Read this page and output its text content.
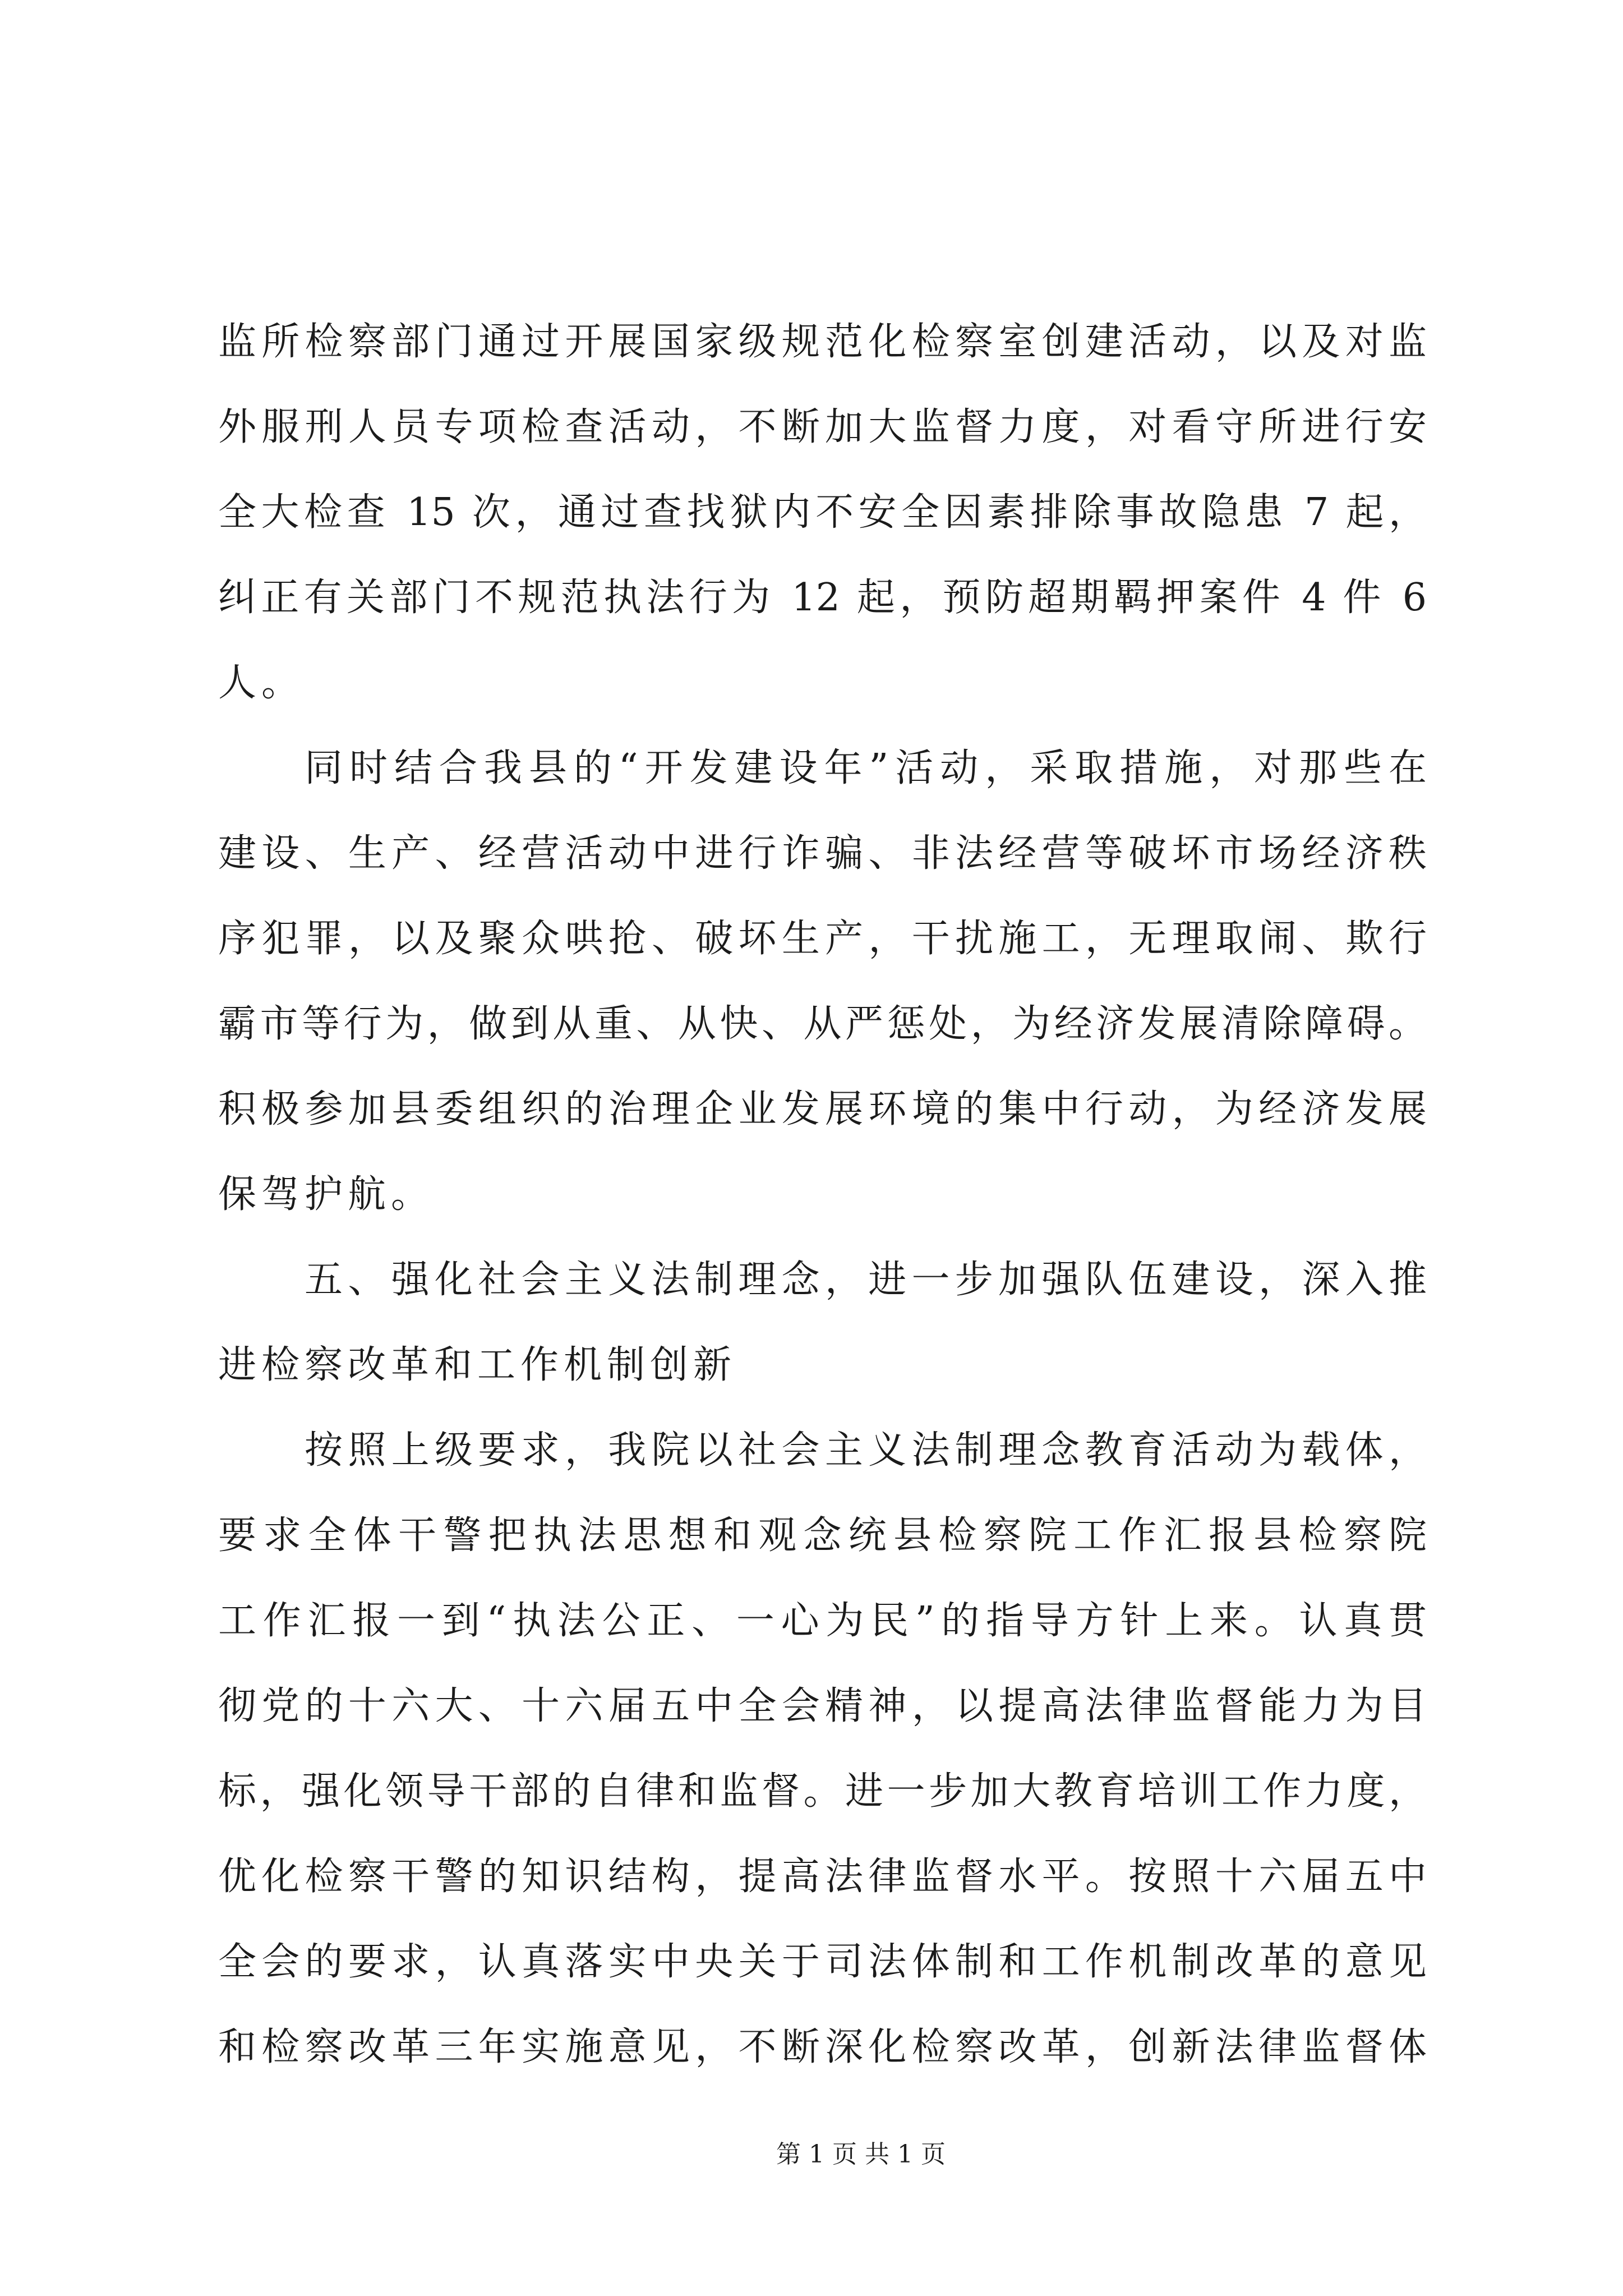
监所检察部门通过开展国家级规范化检察室创建活动，以及对监
外服刑人员专项检查活动，不断加大监督力度，对看守所进行安
全大检查 15 次，通过查找狱内不安全因素排除事故隐患 7 起，
纠正有关部门不规范执法行为 12 起，预防超期羁押案件 4 件 6
人。
同时结合我县的“开发建设年”活动，采取措施，对那些在
建设、生产、经营活动中进行诈骗、非法经营等破坏市场经济秩
序犯罪，以及聚众哄抢、破坏生产，干扰施工，无理取闹、欺行
霸市等行为，做到从重、从快、从严惩处，为经济发展清除障碍。
积极参加县委组织的治理企业发展环境的集中行动，为经济发展
保驾护航。
五、强化社会主义法制理念，进一步加强队伍建设，深入推
进检察改革和工作机制创新
按照上级要求，我院以社会主义法制理念教育活动为载体，
要求全体干警把执法思想和观念统县检察院工作汇报县检察院
工作汇报一到“执法公正、一心为民”的指导方针上来。认真贯
彻党的十六大、十六届五中全会精神，以提高法律监督能力为目
标，强化领导干部的自律和监督。进一步加大教育培训工作力度，
优化检察干警的知识结构，提高法律监督水平。按照十六届五中
全会的要求，认真落实中央关于司法体制和工作机制改革的意见
和检察改革三年实施意见，不断深化检察改革，创新法律监督体
第 1 页 共 1 页
